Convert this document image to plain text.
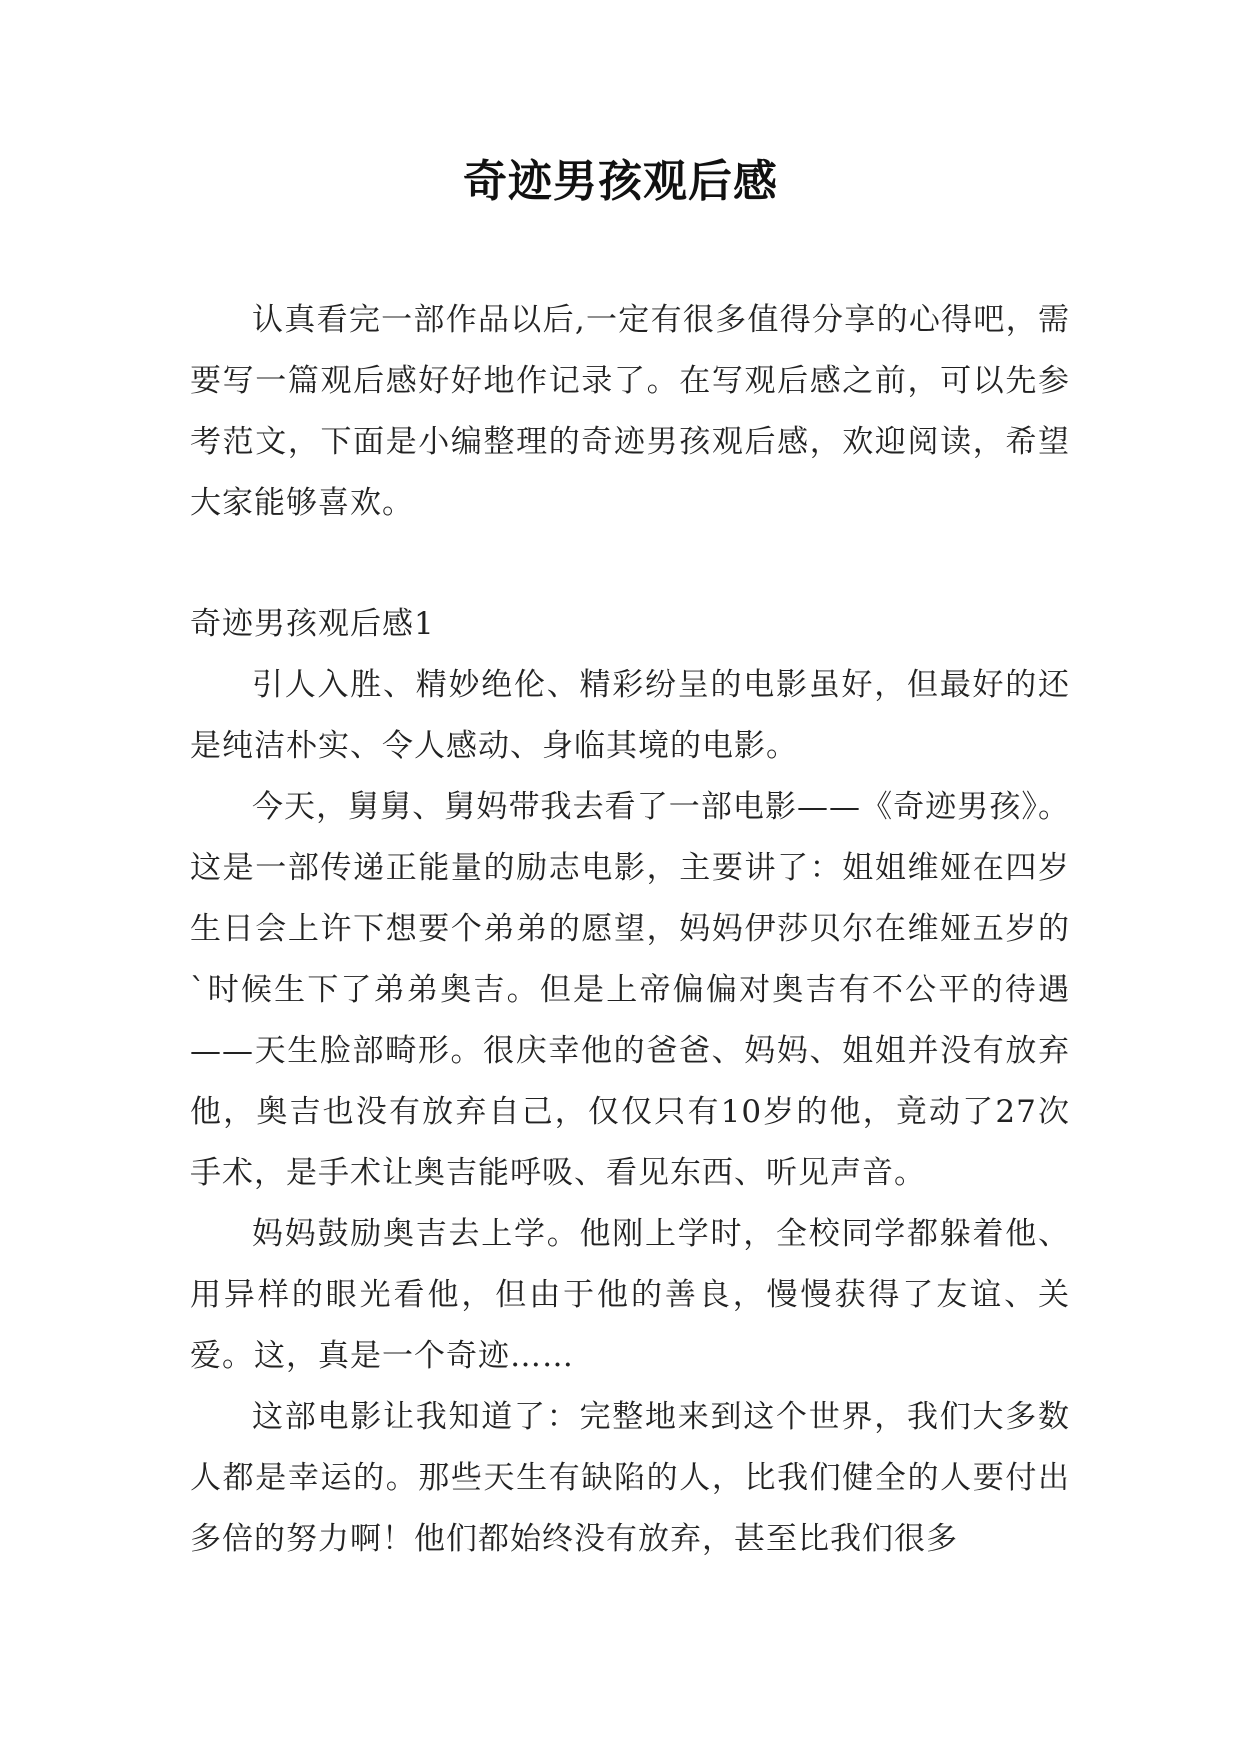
奇迹男孩观后感

认真看完一部作品以后,一定有很多值得分享的心得吧，需要写一篇观后感好好地作记录了。在写观后感之前，可以先参考范文，下面是小编整理的奇迹男孩观后感，欢迎阅读，希望大家能够喜欢。

奇迹男孩观后感1

引人入胜、精妙绝伦、精彩纷呈的电影虽好，但最好的还是纯洁朴实、令人感动、身临其境的电影。

今天，舅舅、舅妈带我去看了一部电影——《奇迹男孩》。这是一部传递正能量的励志电影，主要讲了：姐姐维娅在四岁生日会上许下想要个弟弟的愿望，妈妈伊莎贝尔在维娅五岁的`时候生下了弟弟奥吉。但是上帝偏偏对奥吉有不公平的待遇——天生脸部畸形。很庆幸他的爸爸、妈妈、姐姐并没有放弃他，奥吉也没有放弃自己，仅仅只有10岁的他，竟动了27次手术，是手术让奥吉能呼吸、看见东西、听见声音。

妈妈鼓励奥吉去上学。他刚上学时，全校同学都躲着他、用异样的眼光看他，但由于他的善良，慢慢获得了友谊、关爱。这，真是一个奇迹……

这部电影让我知道了：完整地来到这个世界，我们大多数人都是幸运的。那些天生有缺陷的人，比我们健全的人要付出多倍的努力啊！他们都始终没有放弃，甚至比我们很多
